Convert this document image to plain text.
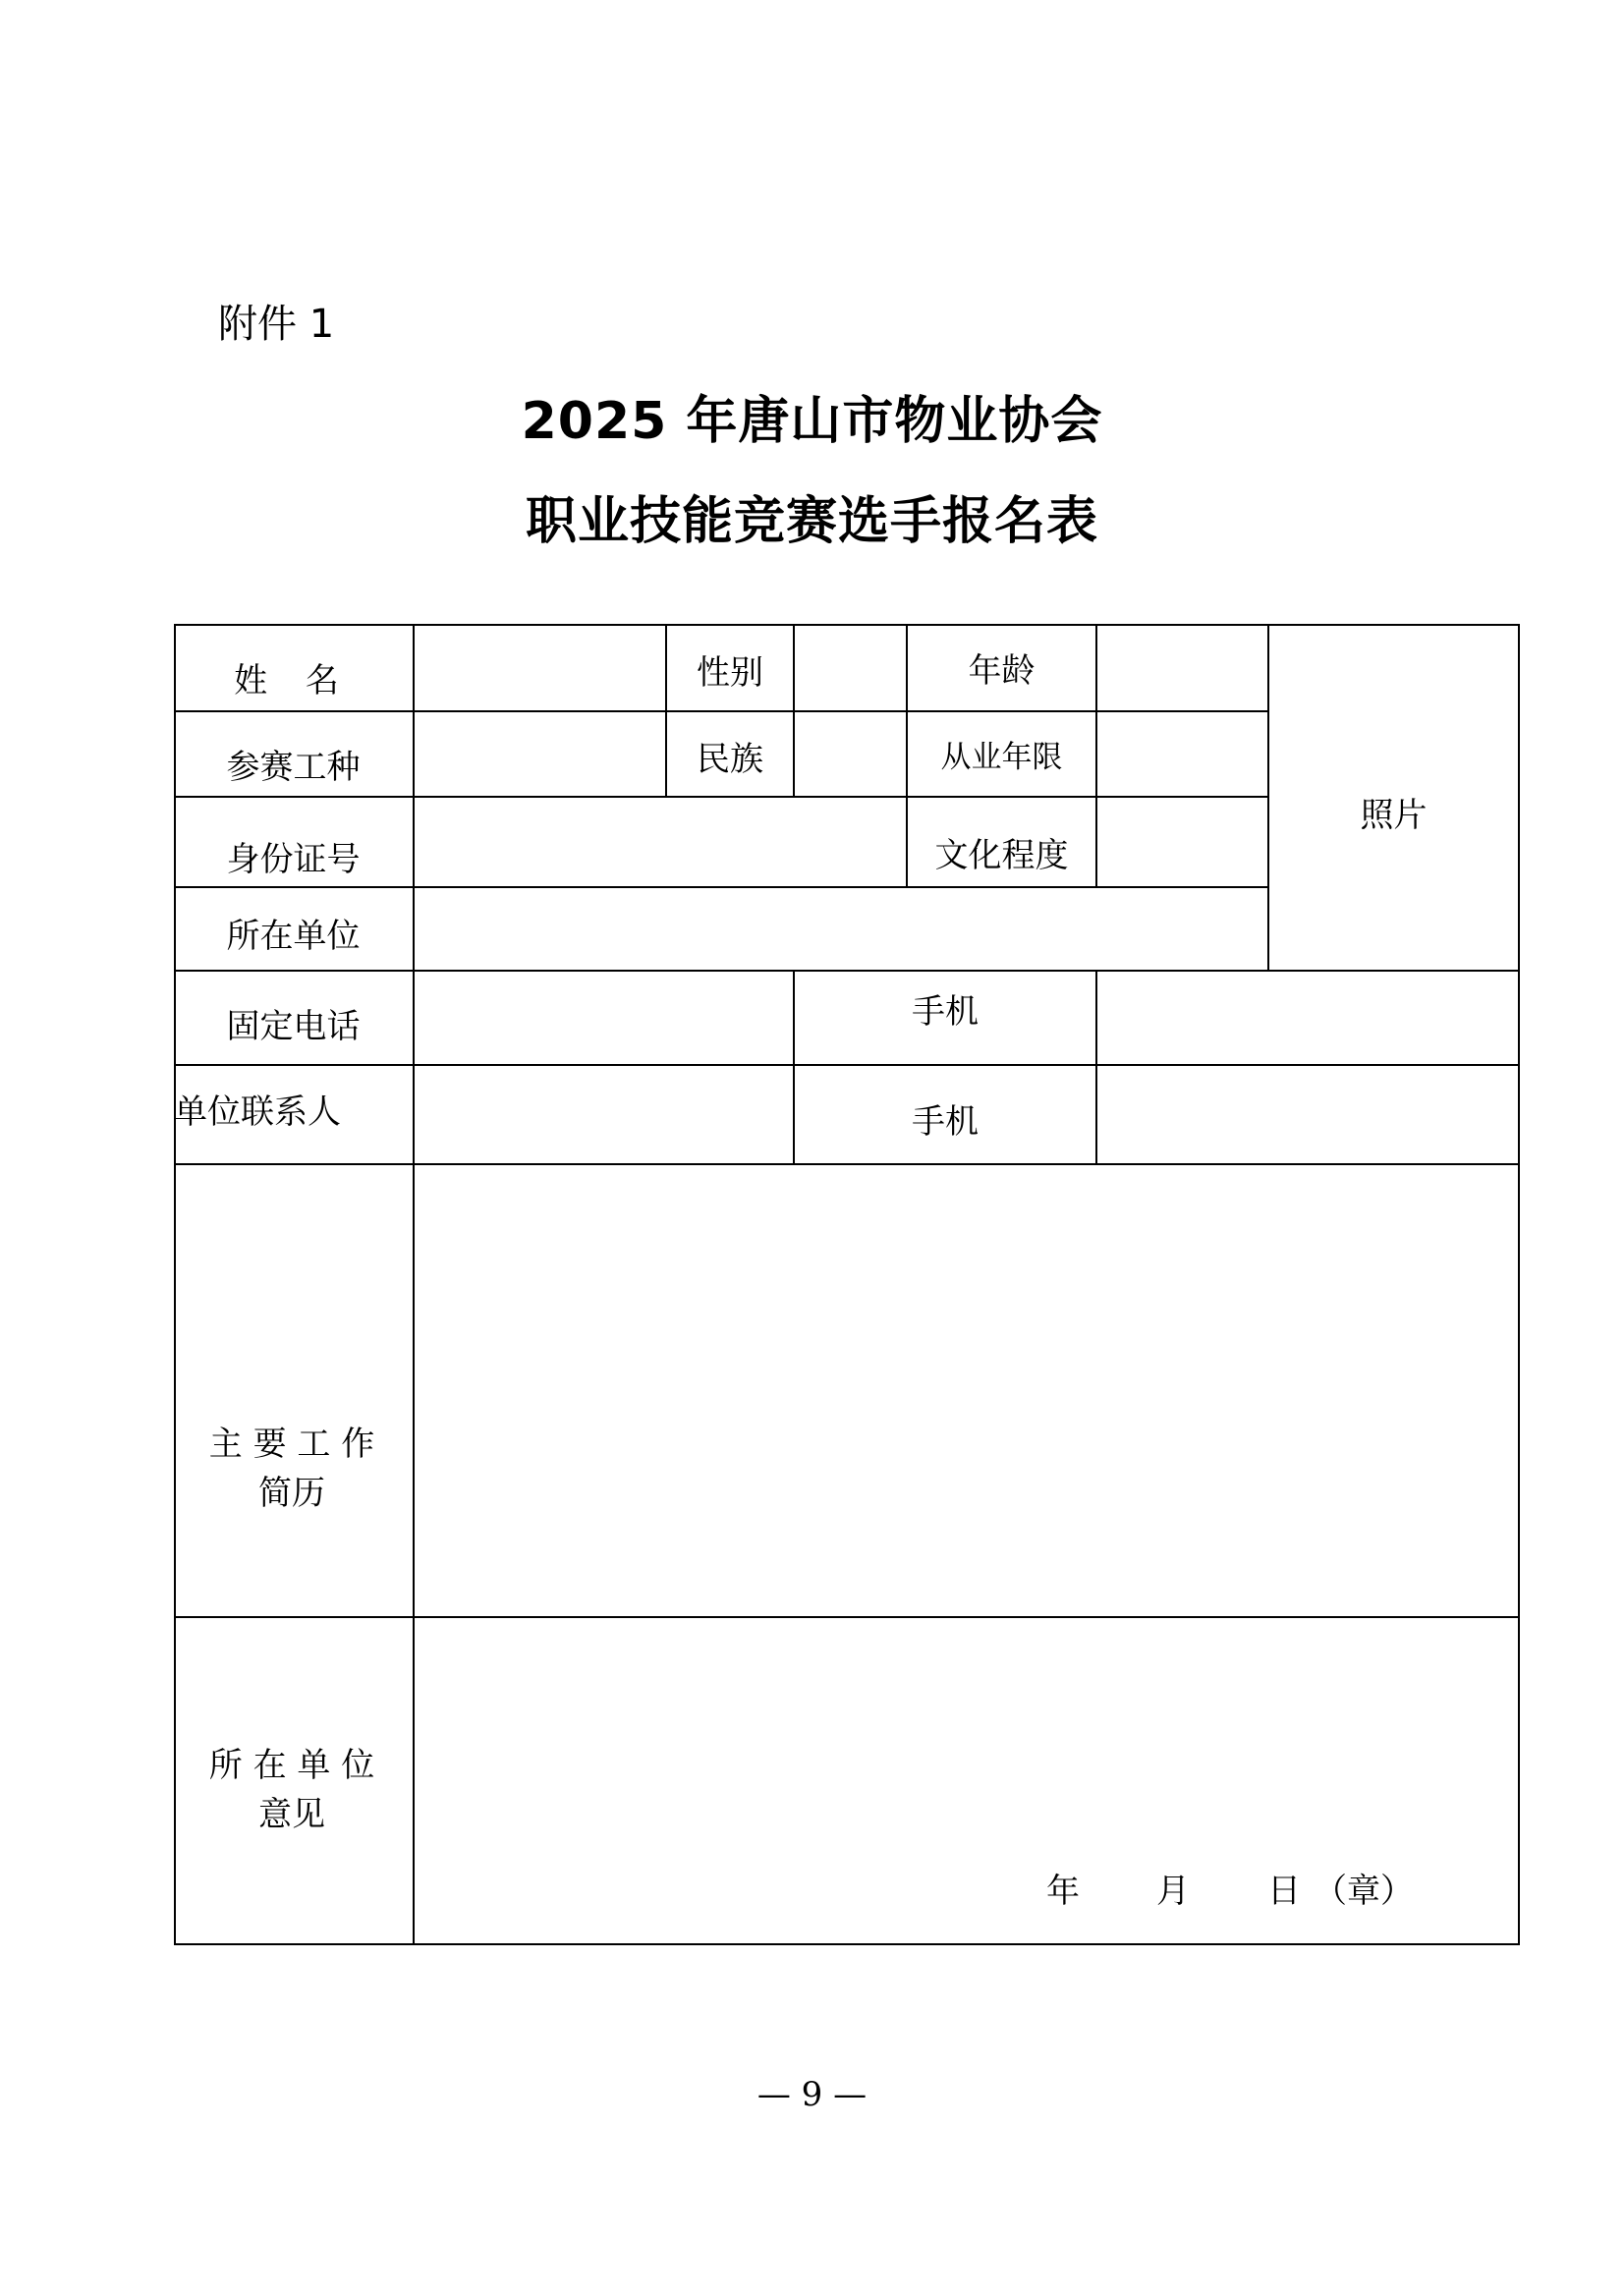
附件 1
2025 年唐山市物业协会
职业技能竞赛选手报名表
姓 名	性别	年龄
照片
参赛工种	民族	从业年限
身份证号	文化程度
所在单位
固定电话	手机
单位联系人	手机
主 要 工 作
简历
所 在 单 位
意见
年 月 日 （章）
— 9 —
